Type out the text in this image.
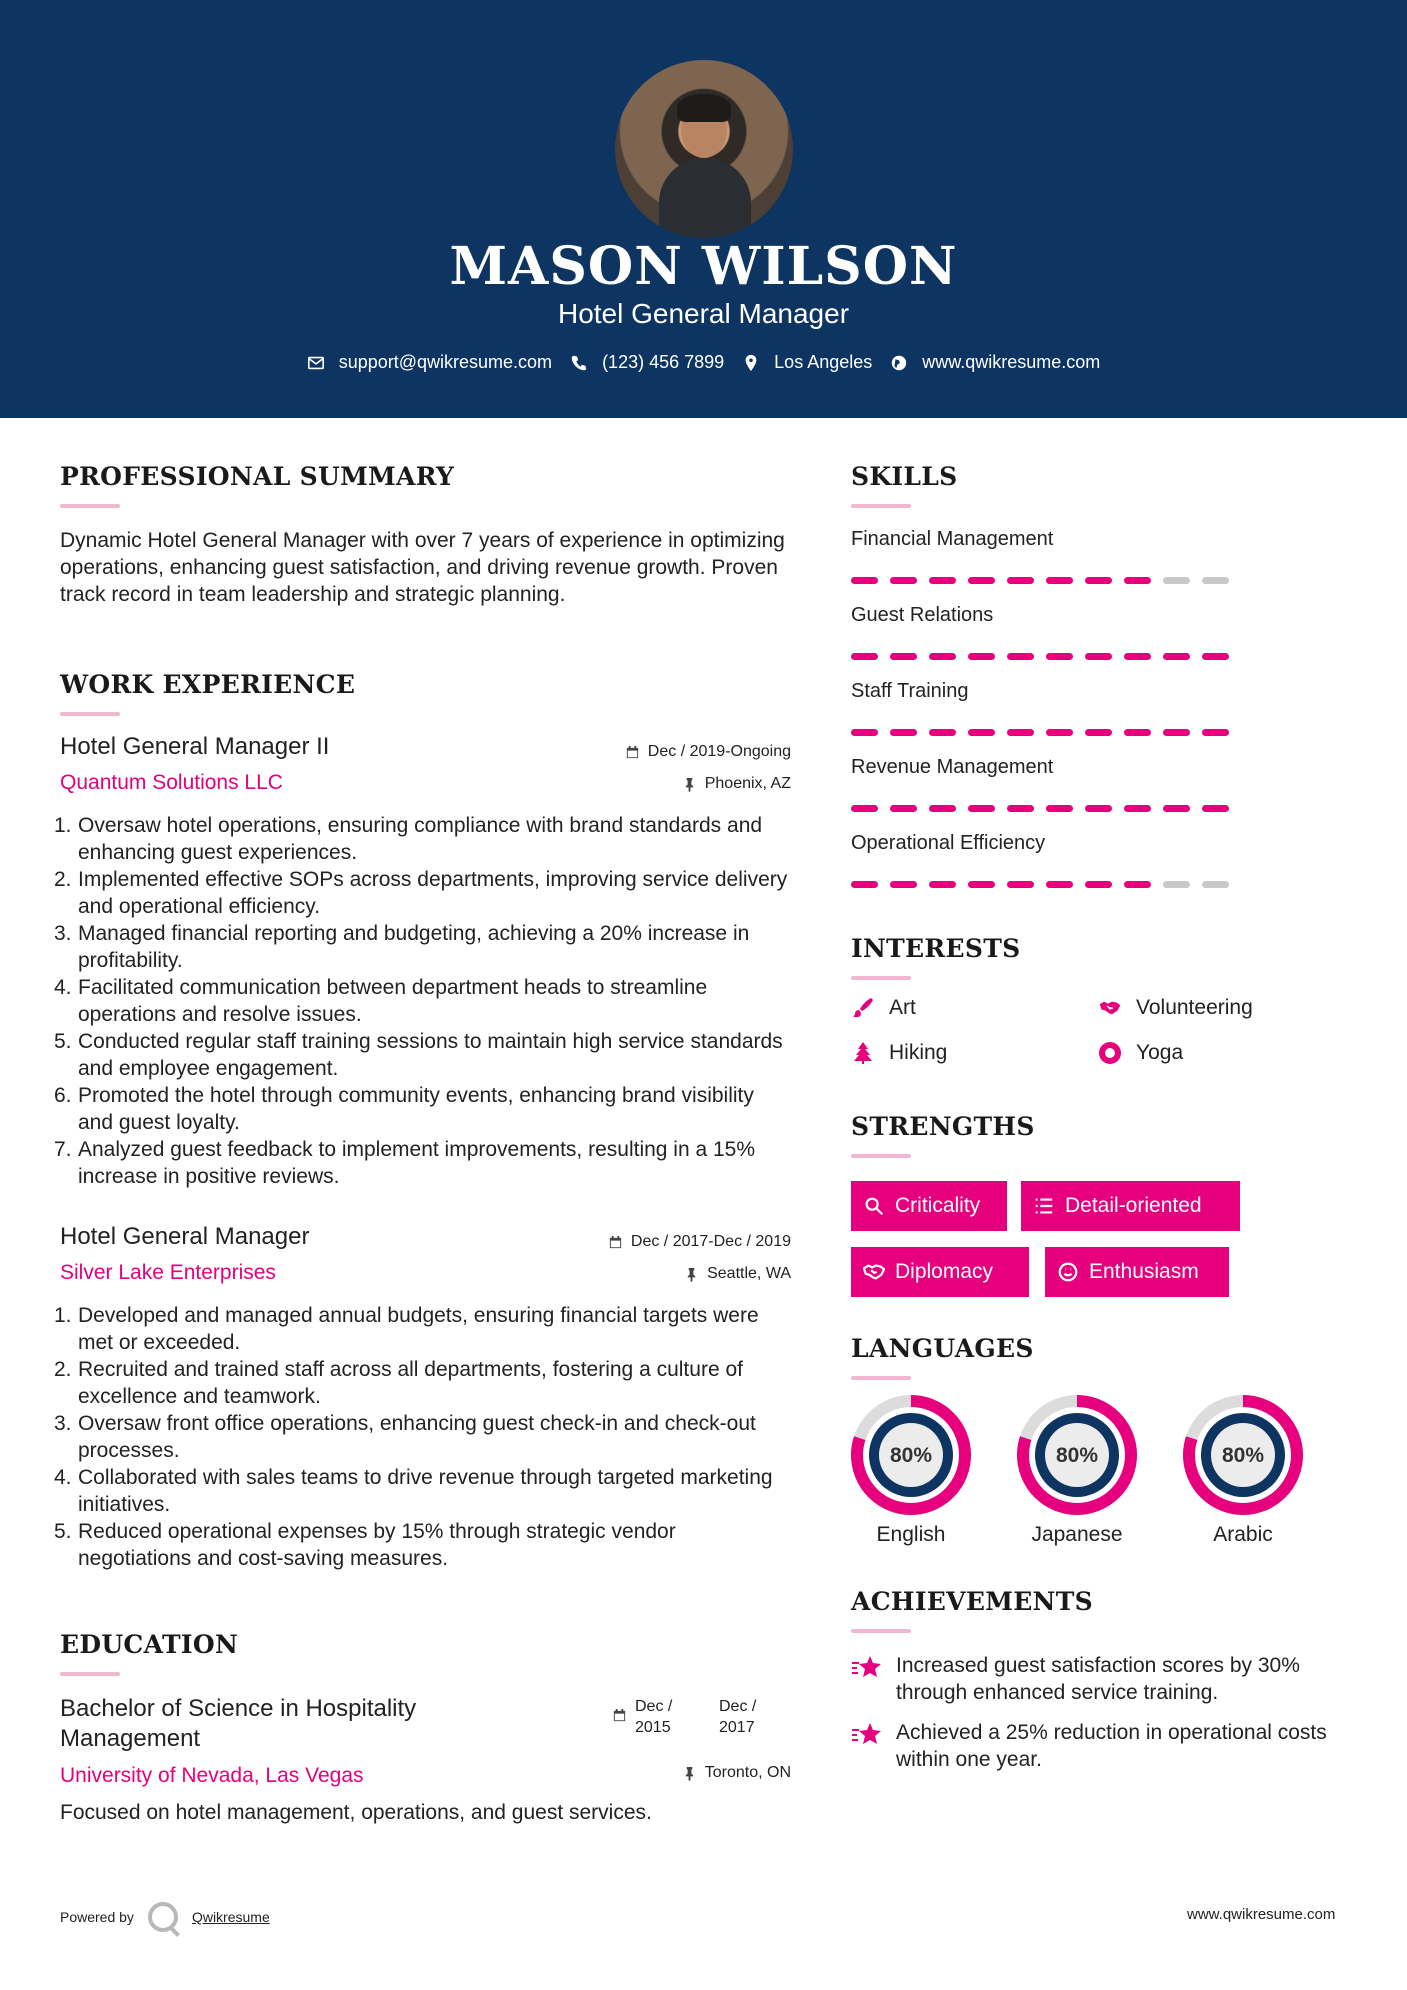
MASON WILSON
Hotel General Manager
support@qwikresume.com	(123) 456 7899	Los Angeles	www.qwikresume.com
PROFESSIONAL SUMMARY
Dynamic Hotel General Manager with over 7 years of experience in optimizing operations, enhancing guest satisfaction, and driving revenue growth. Proven track record in team leadership and strategic planning.
WORK EXPERIENCE
Hotel General Manager II	Dec / 2019-Ongoing
Quantum Solutions LLC	Phoenix, AZ
1. Oversaw hotel operations, ensuring compliance with brand standards and enhancing guest experiences.
2. Implemented effective SOPs across departments, improving service delivery and operational efficiency.
3. Managed financial reporting and budgeting, achieving a 20% increase in profitability.
4. Facilitated communication between department heads to streamline operations and resolve issues.
5. Conducted regular staff training sessions to maintain high service standards and employee engagement.
6. Promoted the hotel through community events, enhancing brand visibility and guest loyalty.
7. Analyzed guest feedback to implement improvements, resulting in a 15% increase in positive reviews.
Hotel General Manager	Dec / 2017-Dec / 2019
Silver Lake Enterprises	Seattle, WA
1. Developed and managed annual budgets, ensuring financial targets were met or exceeded.
2. Recruited and trained staff across all departments, fostering a culture of excellence and teamwork.
3. Oversaw front office operations, enhancing guest check-in and check-out processes.
4. Collaborated with sales teams to drive revenue through targeted marketing initiatives.
5. Reduced operational expenses by 15% through strategic vendor negotiations and cost-saving measures.
EDUCATION
Bachelor of Science in Hospitality Management
Dec / 2015
Dec / 2017
University of Nevada, Las Vegas	Toronto, ON
Focused on hotel management, operations, and guest services.
SKILLS
Financial Management
Guest Relations
Staff Training
Revenue Management
Operational Efficiency
INTERESTS
Art	Volunteering
Hiking	Yoga
STRENGTHS
Criticality	Detail-oriented
Diplomacy	Enthusiasm
LANGUAGES
80%
English
80%
Japanese
80%
Arabic
ACHIEVEMENTS
Increased guest satisfaction scores by 30% through enhanced service training.
Achieved a 25% reduction in operational costs within one year.
Powered by	Qwikresume	www.qwikresume.com
